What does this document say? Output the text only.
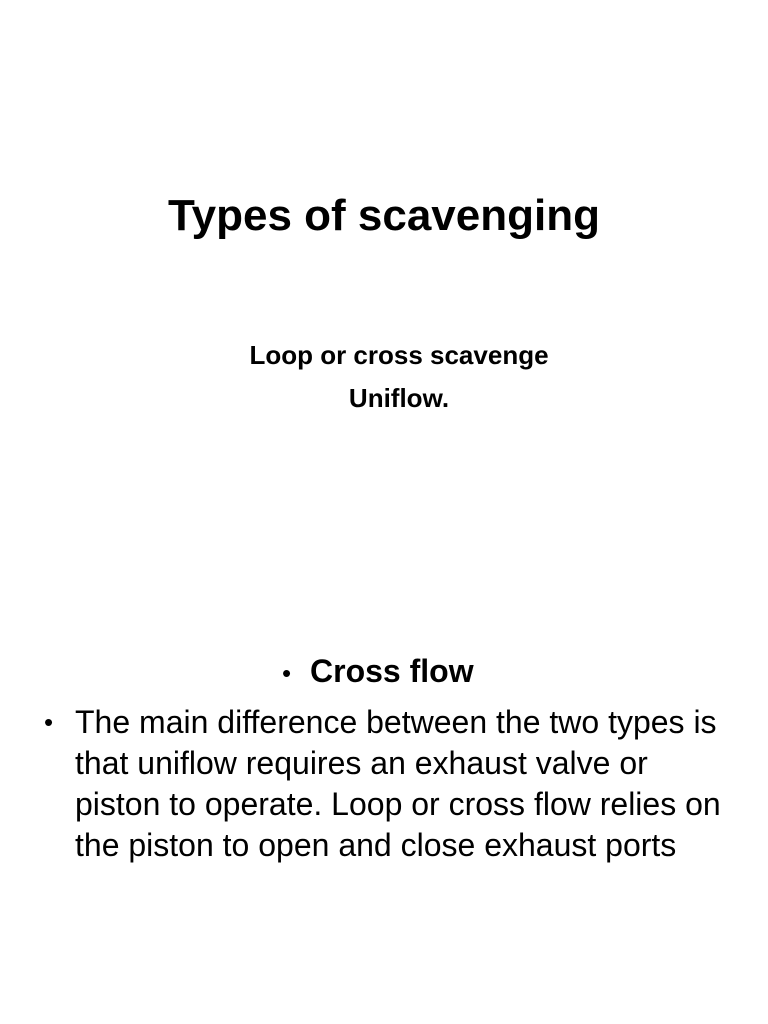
Types of scavenging
Loop or cross scavenge
Uniflow.
• Cross flow
• The main difference between the two types is that uniflow requires an exhaust valve or piston to operate. Loop or cross flow relies on the piston to open and close exhaust ports
